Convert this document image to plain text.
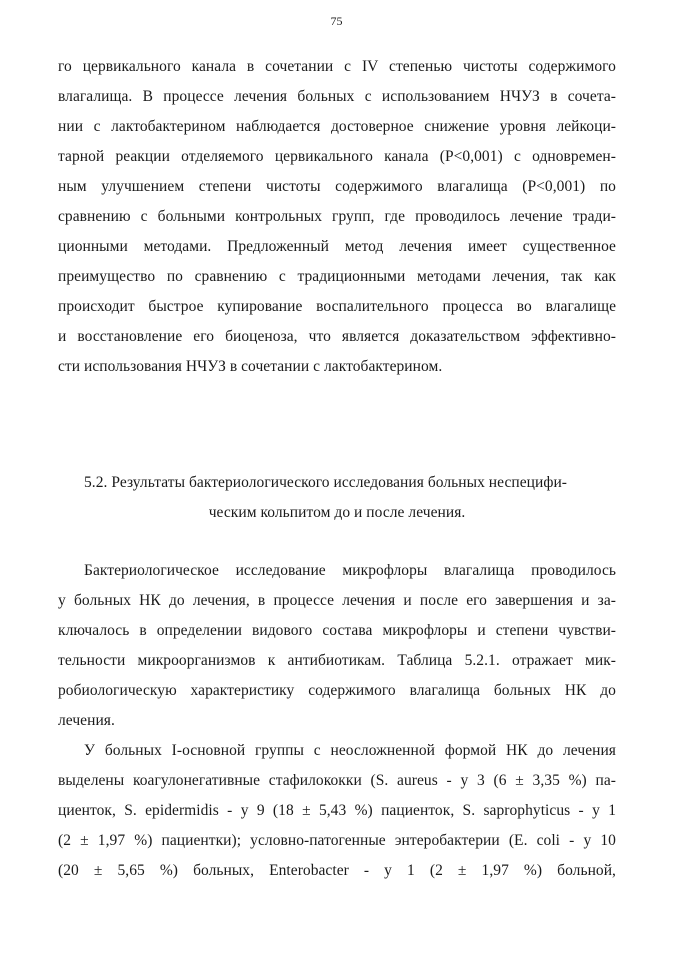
75
го цервикального канала в сочетании с IV степенью чистоты содержимого
влагалища. В процессе лечения больных с использованием НЧУЗ в сочета-
нии с лактобактерином наблюдается достоверное снижение уровня лейкоци-
тарной реакции отделяемого цервикального канала (P<0,001) с одновремен-
ным улучшением степени чистоты содержимого влагалища (P<0,001) по
сравнению с больными контрольных групп, где проводилось лечение тради-
ционными методами. Предложенный метод лечения имеет существенное
преимущество по сравнению с традиционными методами лечения, так как
происходит быстрое купирование воспалительного процесса во влагалище
и восстановление его биоценоза, что является доказательством эффективно-
сти использования НЧУЗ в сочетании с лактобактерином.
5.2. Результаты бактериологического исследования больных неспецифи-
ческим кольпитом до и после лечения.
Бактериологическое исследование микрофлоры влагалища проводилось
у больных НК до лечения, в процессе лечения и после его завершения и за-
ключалось в определении видового состава микрофлоры и степени чувстви-
тельности микроорганизмов к антибиотикам. Таблица 5.2.1. отражает мик-
робиологическую характеристику содержимого влагалища больных НК до
лечения.
У больных I-основной группы с неосложненной формой НК до лечения
выделены коагулонегативные стафилококки (S. aureus - у 3 (6 ± 3,35 %) па-
циенток, S. epidermidis - у 9 (18 ± 5,43 %) пациенток, S. saprophyticus - у 1
(2 ± 1,97 %) пациентки); условно-патогенные энтеробактерии (E. coli - у 10
(20 ± 5,65 %) больных, Enterobacter - у 1 (2 ± 1,97 %) больной,
